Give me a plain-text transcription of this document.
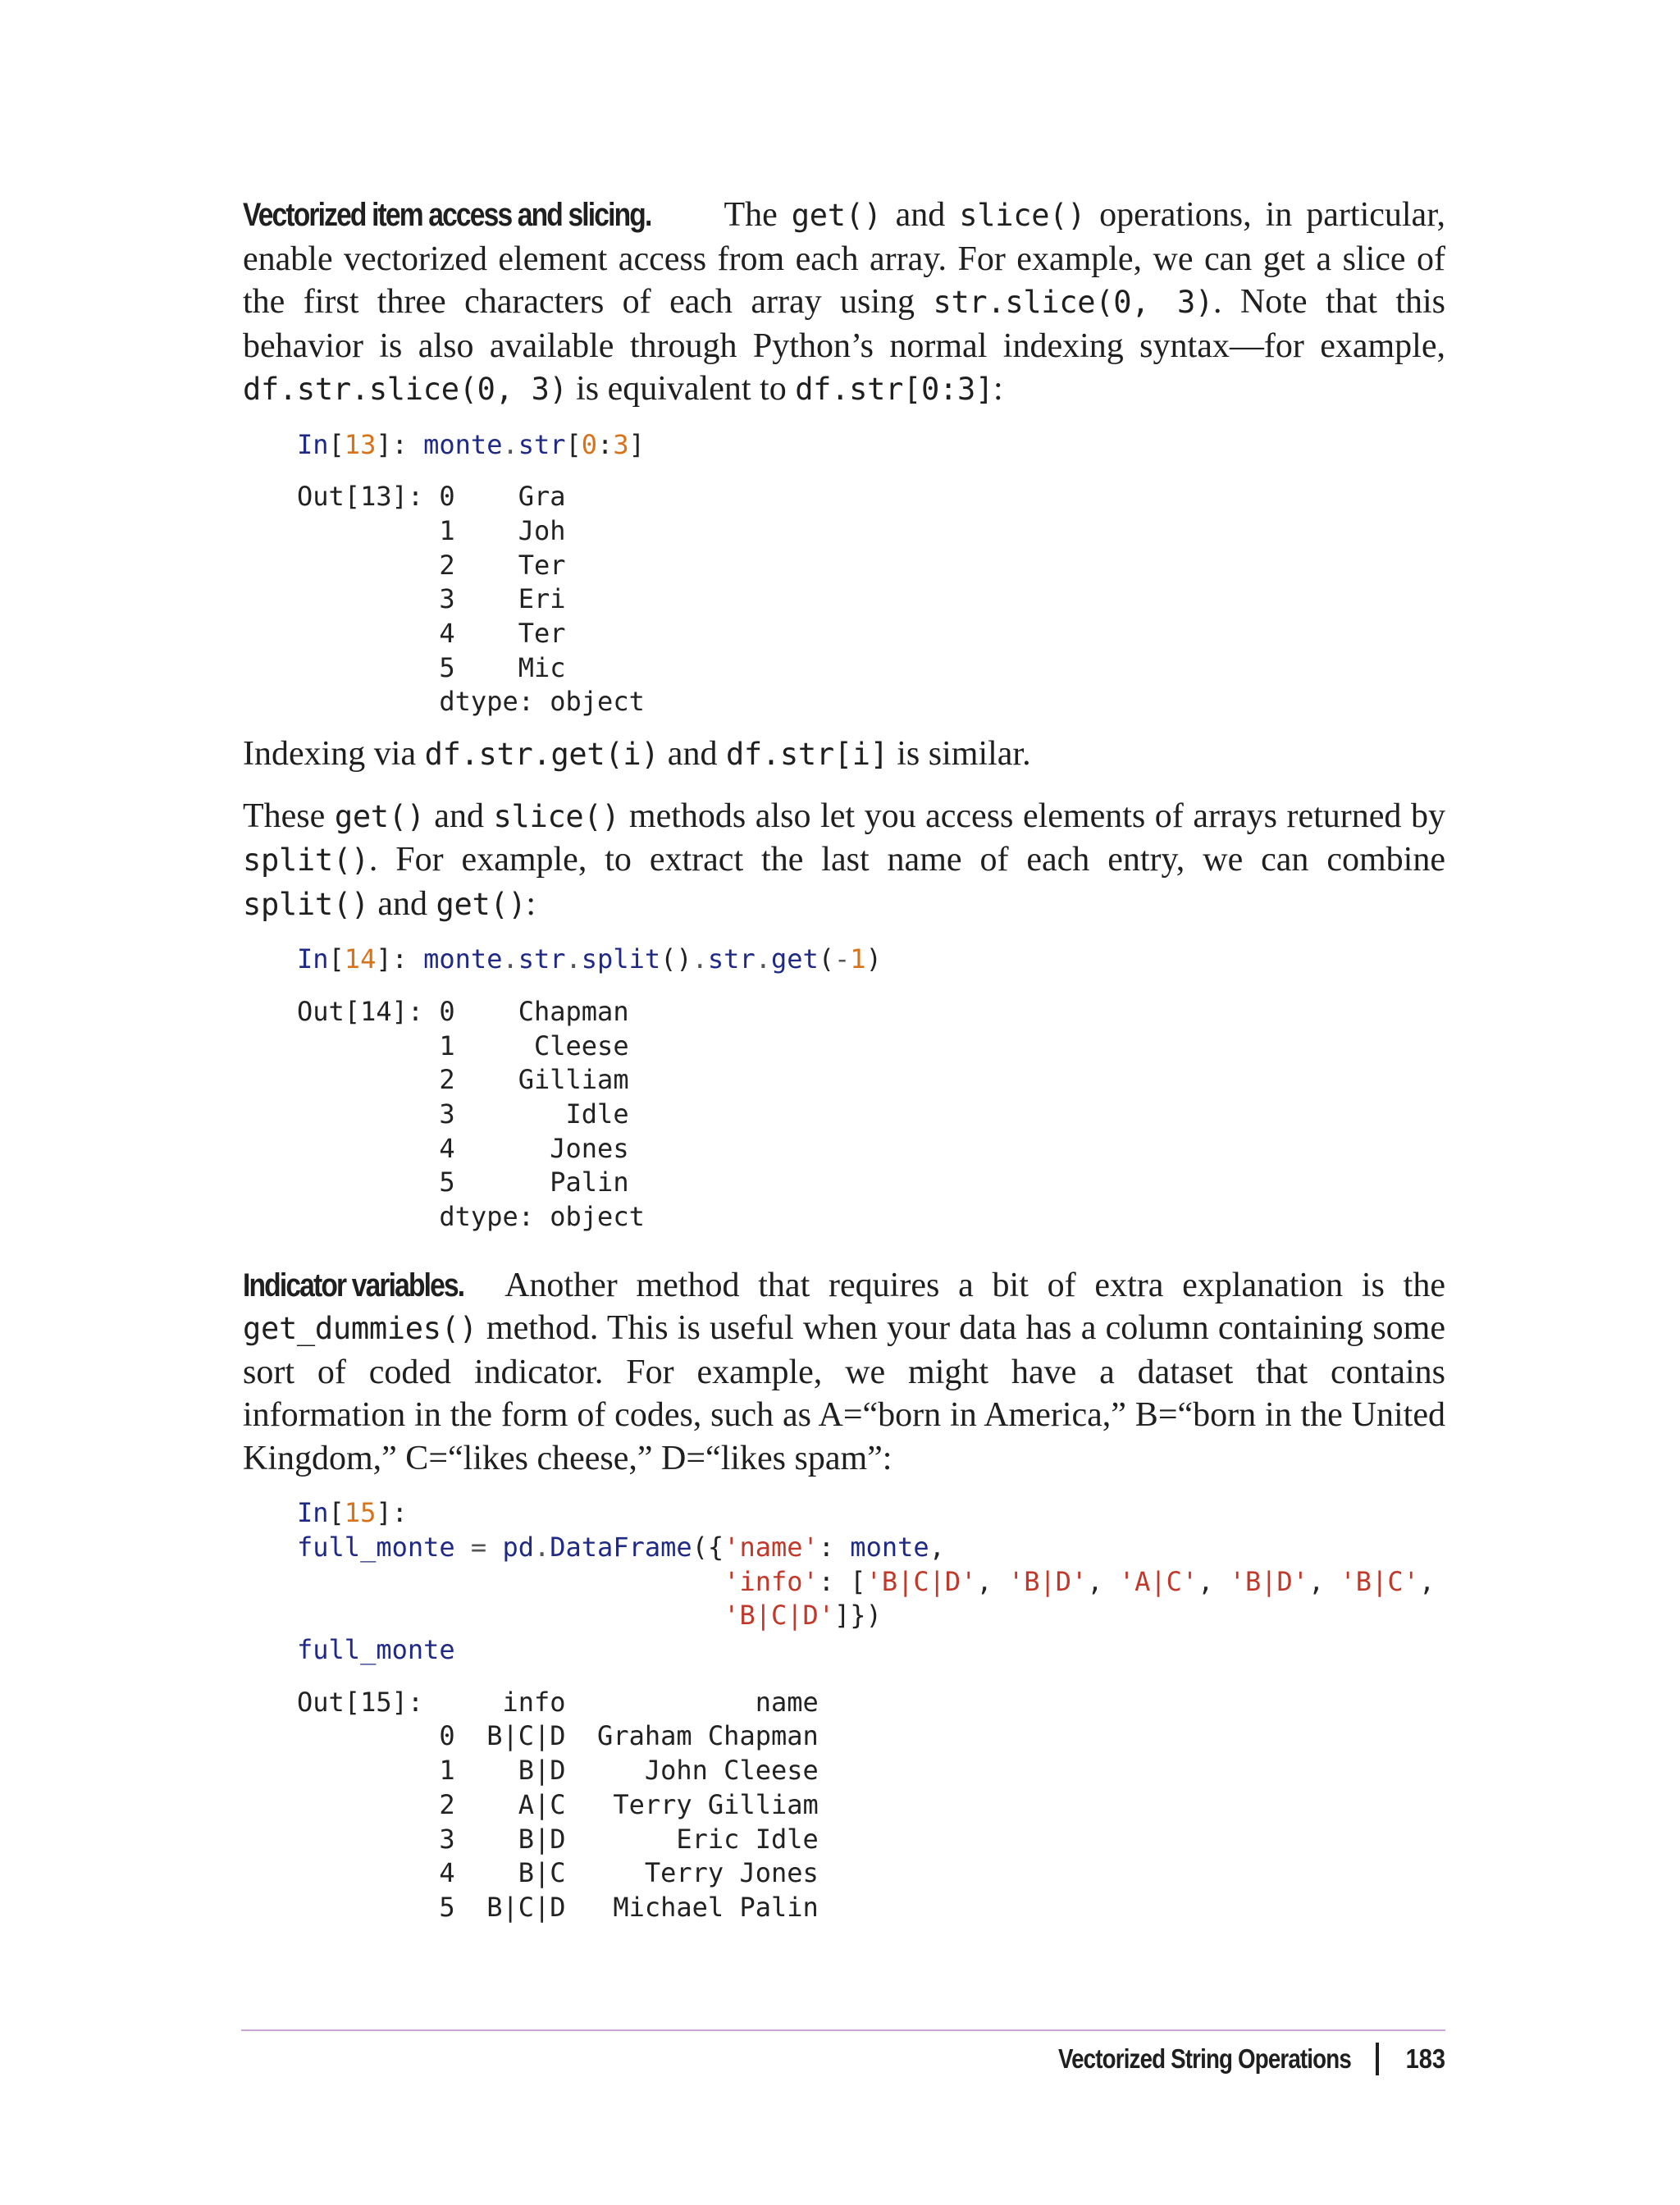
Vectorized item access and slicing. The get() and slice() operations, in particular, enable vectorized element access from each array. For example, we can get a slice of the first three characters of each array using str.slice(0, 3). Note that this behavior is also available through Python’s normal indexing syntax—for example, df.str.slice(0, 3) is equivalent to df.str[0:3]:

In[13]: monte.str[0:3]
Out[13]: 0    Gra
1    Joh
2    Ter
3    Eri
4    Ter
5    Mic
dtype: object

Indexing via df.str.get(i) and df.str[i] is similar.

These get() and slice() methods also let you access elements of arrays returned by split(). For example, to extract the last name of each entry, we can combine split() and get():

In[14]: monte.str.split().str.get(-1)
Out[14]: 0    Chapman
1     Cleese
2    Gilliam
3       Idle
4      Jones
5      Palin
dtype: object

Indicator variables. Another method that requires a bit of extra explanation is the get_dummies() method. This is useful when your data has a column containing some sort of coded indicator. For example, we might have a dataset that contains information in the form of codes, such as A=“born in America,” B=“born in the United Kingdom,” C=“likes cheese,” D=“likes spam”:

In[15]:
full_monte = pd.DataFrame({'name': monte,
'info': ['B|C|D', 'B|D', 'A|C', 'B|D', 'B|C',
'B|C|D']})
full_monte
Out[15]:     info            name
0  B|C|D  Graham Chapman
1    B|D     John Cleese
2    A|C   Terry Gilliam
3    B|D       Eric Idle
4    B|C     Terry Jones
5  B|C|D   Michael Palin
Vectorized String Operations 183
